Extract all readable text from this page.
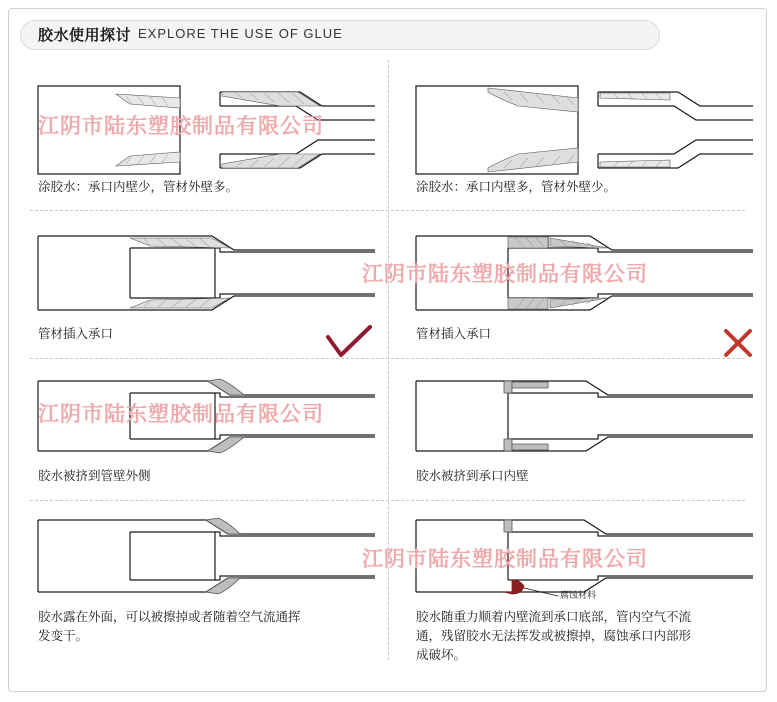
胶水使用探讨 EXPLORE THE USE OF GLUE
涂胶水：承口内壁少，管材外壁多。	涂胶水：承口内壁多，管材外壁少。
管材插入承口	管材插入承口
胶水被挤到管壁外侧	胶水被挤到承口内壁
胶水露在外面，可以被擦掉或者随着空气流通挥
发变干。
腐蚀材料
胶水随重力顺着内壁流到承口底部，管内空气不流
通，残留胶水无法挥发或被擦掉，腐蚀承口内部形
成破坏。
江阴市陆东塑胶制品有限公司
江阴市陆东塑胶制品有限公司
江阴市陆东塑胶制品有限公司
江阴市陆东塑胶制品有限公司
